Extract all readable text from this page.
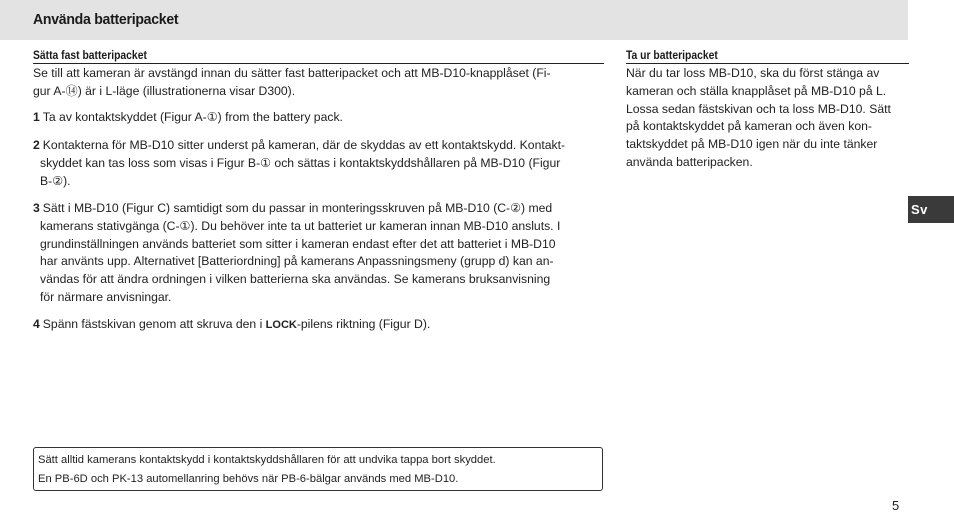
Använda batteripacket
Sätta fast batteripacket
Se till att kameran är avstängd innan du sätter fast batteripacket och att MB-D10-knapplåset (Fi-
gur A-⑭) är i L-läge (illustrationerna visar D300).
1 Ta av kontaktskyddet (Figur A-①) from the battery pack.
2 Kontakterna för MB-D10 sitter underst på kameran, där de skyddas av ett kontaktskydd. Kontakt-
skyddet kan tas loss som visas i Figur B-① och sättas i kontaktskyddshållaren på MB-D10 (Figur
B-②).
3 Sätt i MB-D10 (Figur C) samtidigt som du passar in monteringsskruven på MB-D10 (C-②) med
kamerans stativgänga (C-①). Du behöver inte ta ut batteriet ur kameran innan MB-D10 ansluts. I
grundinställningen används batteriet som sitter i kameran endast efter det att batteriet i MB-D10
har använts upp. Alternativet [Batteriordning] på kamerans Anpassningsmeny (grupp d) kan an-
vändas för att ändra ordningen i vilken batterierna ska användas. Se kamerans bruksanvisning
för närmare anvisningar.
4 Spänn fästskivan genom att skruva den i LOCK-pilens riktning (Figur D).
Ta ur batteripacket
När du tar loss MB-D10, ska du först stänga av
kameran och ställa knapplåset på MB-D10 på L.
Lossa sedan fästskivan och ta loss MB-D10. Sätt
på kontaktskyddet på kameran och även kon-
taktskyddet på MB-D10 igen när du inte tänker
använda batteripacken.
Sätt alltid kamerans kontaktskydd i kontaktskyddshållaren för att undvika tappa bort skyddet.
En PB-6D och PK-13 automellanring behövs när PB-6-bälgar används med MB-D10.
Sv
5
